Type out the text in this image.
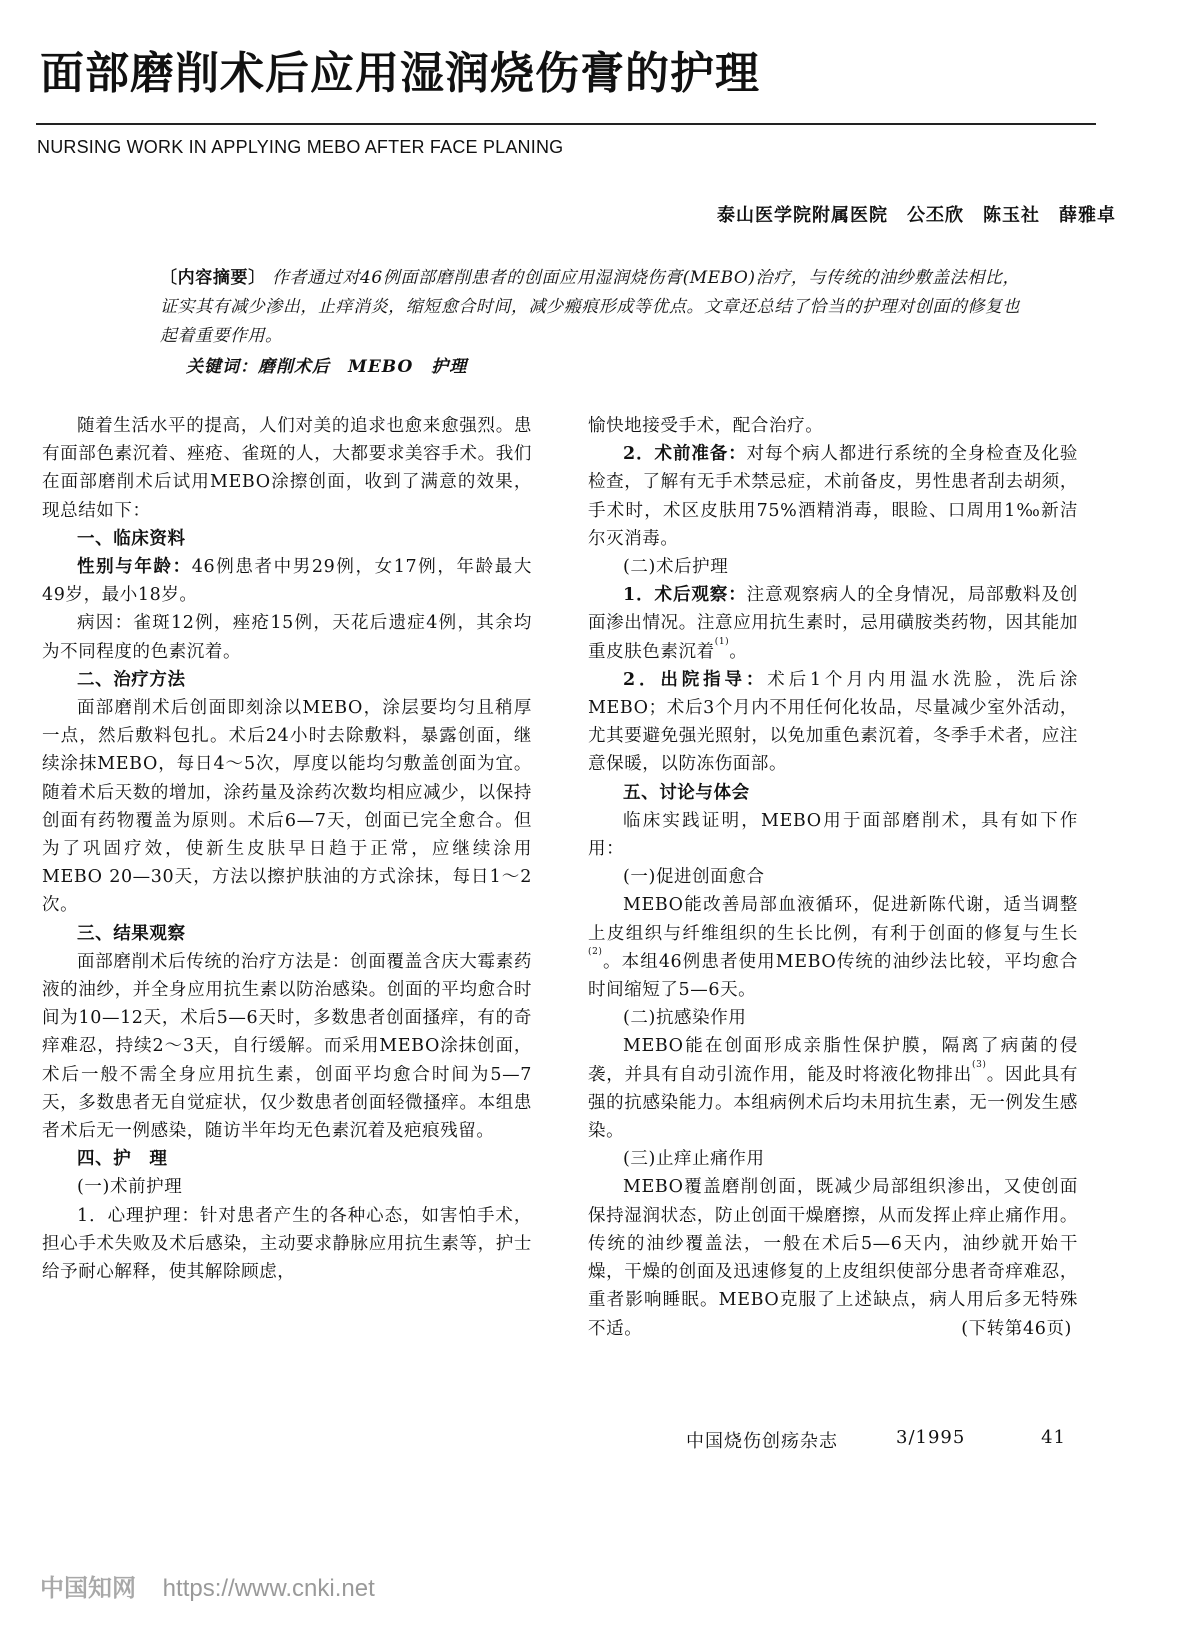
面部磨削术后应用湿润烧伤膏的护理
NURSING WORK IN APPLYING MEBO AFTER FACE PLANING
泰山医学院附属医院　公丕欣　陈玉社　薛雅卓
〔内容摘要〕 作者通过对46例面部磨削患者的创面应用湿润烧伤膏(MEBO)治疗，与传统的油纱敷盖法相比，证实其有减少渗出，止痒消炎，缩短愈合时间，减少瘢痕形成等优点。文章还总结了恰当的护理对创面的修复也起着重要作用。
关键词：磨削术后　MEBO　护理

随着生活水平的提高，人们对美的追求也愈来愈强烈。患有面部色素沉着、痤疮、雀斑的人，大都要求美容手术。我们在面部磨削术后试用MEBO涂擦创面，收到了满意的效果，现总结如下：

一、临床资料

性别与年龄：46例患者中男29例，女17例，年龄最大49岁，最小18岁。

病因：雀斑12例，痤疮15例，天花后遗症4例，其余均为不同程度的色素沉着。

二、治疗方法

面部磨削术后创面即刻涂以MEBO，涂层要均匀且稍厚一点，然后敷料包扎。术后24小时去除敷料，暴露创面，继续涂抹MEBO，每日4～5次，厚度以能均匀敷盖创面为宜。随着术后天数的增加，涂药量及涂药次数均相应减少，以保持创面有药物覆盖为原则。术后6—7天，创面已完全愈合。但为了巩固疗效，使新生皮肤早日趋于正常，应继续涂用MEBO 20—30天，方法以擦护肤油的方式涂抹，每日1～2次。

三、结果观察

面部磨削术后传统的治疗方法是：创面覆盖含庆大霉素药液的油纱，并全身应用抗生素以防治感染。创面的平均愈合时间为10—12天，术后5—6天时，多数患者创面搔痒，有的奇痒难忍，持续2～3天，自行缓解。而采用MEBO涂抹创面，术后一般不需全身应用抗生素，创面平均愈合时间为5—7天，多数患者无自觉症状，仅少数患者创面轻微搔痒。本组患者术后无一例感染，随访半年均无色素沉着及疤痕残留。

四、护　理
(一)术前护理

1．心理护理：针对患者产生的各种心态，如害怕手术，担心手术失败及术后感染，主动要求静脉应用抗生素等，护士给予耐心解释，使其解除顾虑，

愉快地接受手术，配合治疗。

2．术前准备：对每个病人都进行系统的全身检查及化验检查，了解有无手术禁忌症，术前备皮，男性患者刮去胡须，手术时，术区皮肤用75%酒精消毒，眼睑、口周用1‰新洁尔灭消毒。

(二)术后护理

1．术后观察：注意观察病人的全身情况，局部敷料及创面渗出情况。注意应用抗生素时，忌用磺胺类药物，因其能加重皮肤色素沉着$^{(1)}$。

2．出院指导：术后1个月内用温水洗脸，洗后涂MEBO；术后3个月内不用任何化妆品，尽量减少室外活动，尤其要避免强光照射，以免加重色素沉着，冬季手术者，应注意保暖，以防冻伤面部。

五、讨论与体会

临床实践证明，MEBO用于面部磨削术，具有如下作用：

(一)促进创面愈合

MEBO能改善局部血液循环，促进新陈代谢，适当调整上皮组织与纤维组织的生长比例，有利于创面的修复与生长$^{(2)}$。本组46例患者使用MEBO传统的油纱法比较，平均愈合时间缩短了5—6天。

(二)抗感染作用

MEBO能在创面形成亲脂性保护膜，隔离了病菌的侵袭，并具有自动引流作用，能及时将液化物排出$^{(3)}$。因此具有强的抗感染能力。本组病例术后均未用抗生素，无一例发生感染。

(三)止痒止痛作用

MEBO覆盖磨削创面，既减少局部组织渗出，又使创面保持湿润状态，防止创面干燥磨擦，从而发挥止痒止痛作用。传统的油纱覆盖法，一般在术后5—6天内，油纱就开始干燥，干燥的创面及迅速修复的上皮组织使部分患者奇痒难忍，重者影响睡眠。MEBO克服了上述缺点，病人用后多无特殊不适。	(下转第46页)

中国烧伤创疡杂志	3/1995	41
中国知网 https://www.cnki.net
